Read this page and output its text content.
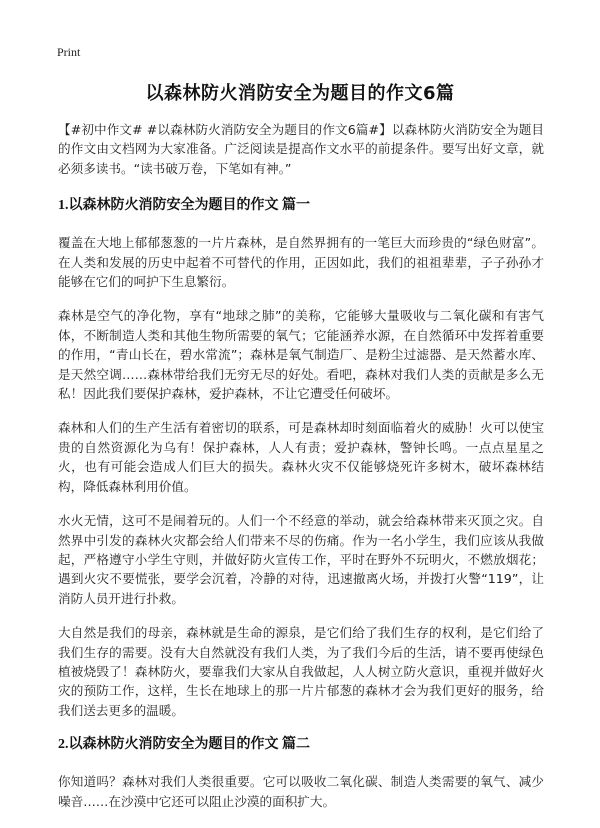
Print
以森林防火消防安全为题目的作文6篇

【#初中作文# #以森林防火消防安全为题目的作文6篇#】以森林防火消防安全为题目的作文由文档网为大家准备。广泛阅读是提高作文水平的前提条件。要写出好文章，就必须多读书。“读书破万卷，下笔如有神。”

1.以森林防火消防安全为题目的作文 篇一

覆盖在大地上郁郁葱葱的一片片森林，是自然界拥有的一笔巨大而珍贵的“绿色财富”。在人类和发展的历史中起着不可替代的作用，正因如此，我们的祖祖辈辈，子子孙孙才能够在它们的呵护下生息繁衍。

森林是空气的净化物，享有“地球之肺”的美称，它能够大量吸收与二氧化碳和有害气体，不断制造人类和其他生物所需要的氧气；它能涵养水源，在自然循环中发挥着重要的作用，“青山长在，碧水常流”；森林是氧气制造厂、是粉尘过滤器、是天然蓄水库、是天然空调……森林带给我们无穷无尽的好处。看吧，森林对我们人类的贡献是多么无私！因此我们要保护森林，爱护森林，不让它遭受任何破坏。

森林和人们的生产生活有着密切的联系，可是森林却时刻面临着火的威胁！火可以使宝贵的自然资源化为乌有！保护森林，人人有责；爱护森林，警钟长鸣。一点点星星之火，也有可能会造成人们巨大的损失。森林火灾不仅能够烧死许多树木，破坏森林结构，降低森林利用价值。

水火无情，这可不是闹着玩的。人们一个不经意的举动，就会给森林带来灭顶之灾。自然界中引发的森林火灾都会给人们带来不尽的伤痛。作为一名小学生，我们应该从我做起，严格遵守小学生守则，并做好防火宣传工作，平时在野外不玩明火，不燃放烟花；遇到火灾不要慌张，要学会沉着，冷静的对待，迅速撤离火场，并拨打火警“119”，让消防人员开进行扑救。

大自然是我们的母亲，森林就是生命的源泉，是它们给了我们生存的权利，是它们给了我们生存的需要。没有大自然就没有我们人类，为了我们今后的生活，请不要再使绿色植被烧毁了！森林防火，要靠我们大家从自我做起，人人树立防火意识，重视并做好火灾的预防工作，这样，生长在地球上的那一片片郁葱的森林才会为我们更好的服务，给我们送去更多的温暖。

2.以森林防火消防安全为题目的作文 篇二

你知道吗？森林对我们人类很重要。它可以吸收二氧化碳、制造人类需要的氧气、减少噪音……在沙漠中它还可以阻止沙漠的面积扩大。
